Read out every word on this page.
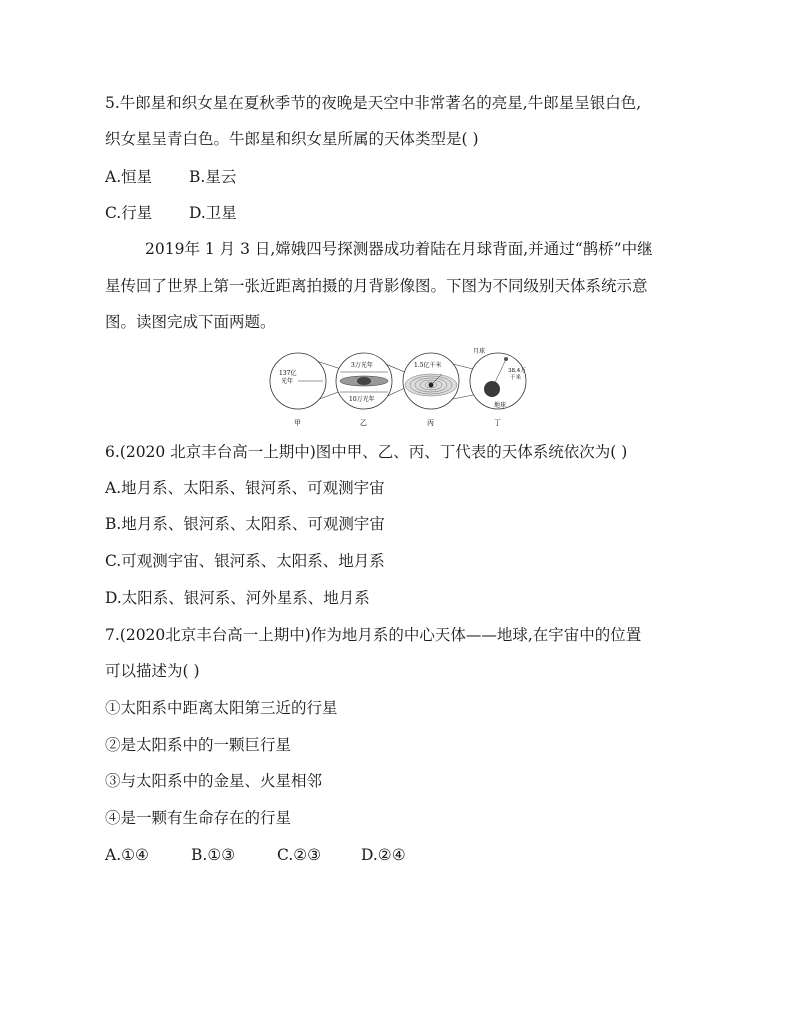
5.牛郎星和织女星在夏秋季节的夜晚是天空中非常著名的亮星,牛郎星呈银白色,
织女星呈青白色。牛郎星和织女星所属的天体类型是( )
A.恒星 B.星云
C.行星 D.卫星
2019年 1 月 3 日,嫦娥四号探测器成功着陆在月球背面,并通过“鹊桥”中继
星传回了世界上第一张近距离拍摄的月背影像图。下图为不同级别天体系统示意
图。读图完成下面两题。
137亿
光年
3万光年
10万光年
1.5亿千米
月球
38.4万
千米
地球
甲	乙	丙	丁
6.(2020 北京丰台高一上期中)图中甲、乙、丙、丁代表的天体系统依次为( )
A.地月系、太阳系、银河系、可观测宇宙
B.地月系、银河系、太阳系、可观测宇宙
C.可观测宇宙、银河系、太阳系、地月系
D.太阳系、银河系、河外星系、地月系
7.(2020北京丰台高一上期中)作为地月系的中心天体——地球,在宇宙中的位置
可以描述为( )
①太阳系中距离太阳第三近的行星
②是太阳系中的一颗巨行星
③与太阳系中的金星、火星相邻
④是一颗有生命存在的行星
A.①④	B.①③	C.②③	D.②④
